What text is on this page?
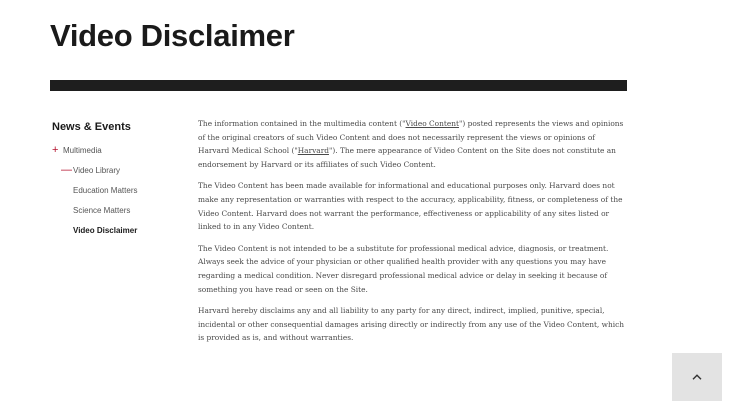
Video Disclaimer
News & Events
+ Multimedia
— Video Library
Education Matters
Science Matters
Video Disclaimer

The information contained in the multimedia content ("Video Content") posted represents the views and opinions of the original creators of such Video Content and does not necessarily represent the views or opinions of Harvard Medical School ("Harvard"). The mere appearance of Video Content on the Site does not constitute an endorsement by Harvard or its affiliates of such Video Content.

The Video Content has been made available for informational and educational purposes only. Harvard does not make any representation or warranties with respect to the accuracy, applicability, fitness, or completeness of the Video Content. Harvard does not warrant the performance, effectiveness or applicability of any sites listed or linked to in any Video Content.

The Video Content is not intended to be a substitute for professional medical advice, diagnosis, or treatment. Always seek the advice of your physician or other qualified health provider with any questions you may have regarding a medical condition. Never disregard professional medical advice or delay in seeking it because of something you have read or seen on the Site.

Harvard hereby disclaims any and all liability to any party for any direct, indirect, implied, punitive, special, incidental or other consequential damages arising directly or indirectly from any use of the Video Content, which is provided as is, and without warranties.
